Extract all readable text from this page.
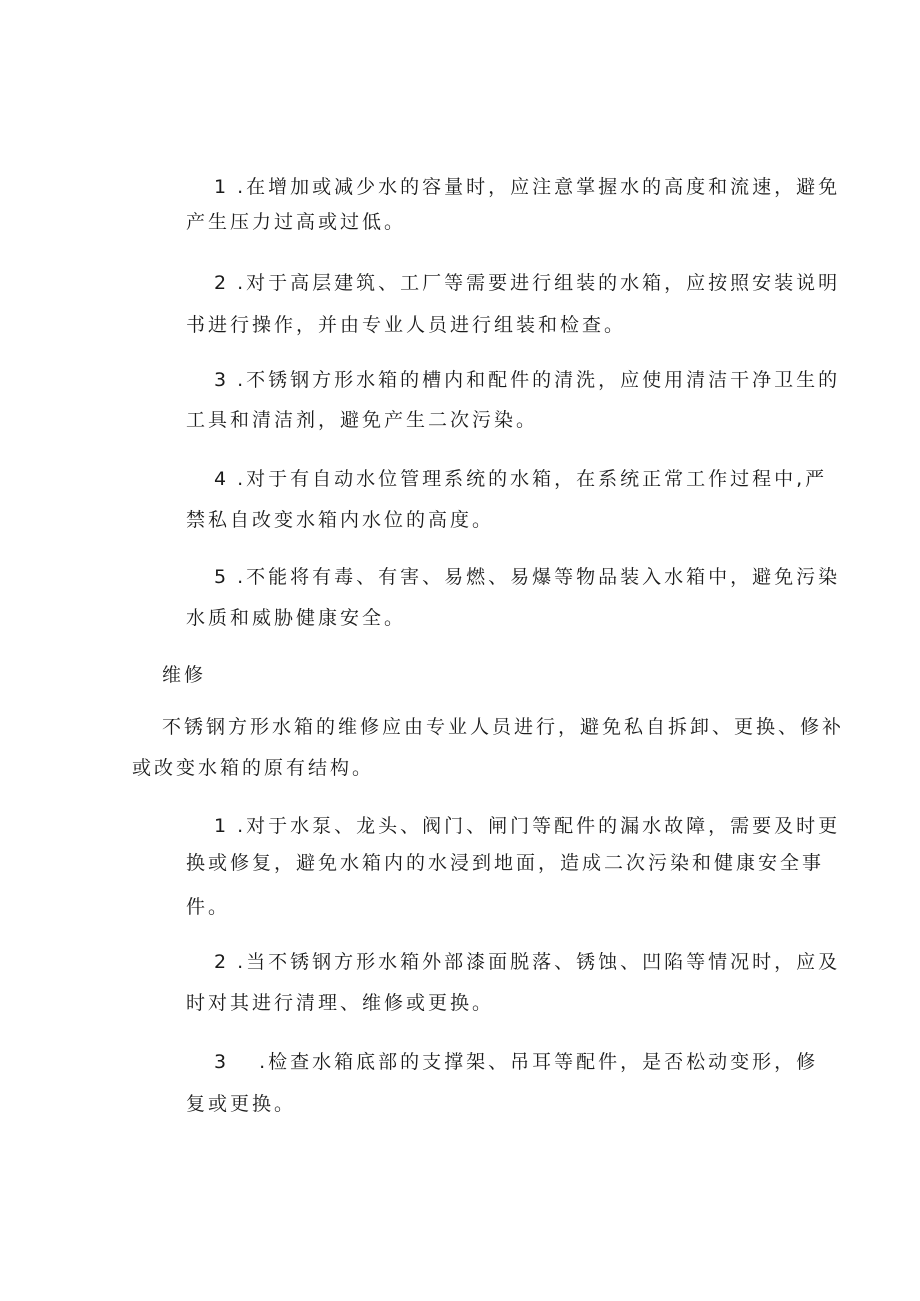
1 .在增加或减少水的容量时，应注意掌握水的高度和流速，避免
产生压力过高或过低。
2 .对于高层建筑、工厂等需要进行组装的水箱，应按照安装说明
书进行操作，并由专业人员进行组装和检查。
3 .不锈钢方形水箱的槽内和配件的清洗，应使用清洁干净卫生的
工具和清洁剂，避免产生二次污染。
4 .对于有自动水位管理系统的水箱，在系统正常工作过程中,严
禁私自改变水箱内水位的高度。
5 .不能将有毒、有害、易燃、易爆等物品装入水箱中，避免污染
水质和威胁健康安全。
维修
不锈钢方形水箱的维修应由专业人员进行，避免私自拆卸、更换、修补
或改变水箱的原有结构。
1 .对于水泵、龙头、阀门、闸门等配件的漏水故障，需要及时更
换或修复，避免水箱内的水浸到地面，造成二次污染和健康安全事
件。
2 .当不锈钢方形水箱外部漆面脱落、锈蚀、凹陷等情况时，应及
时对其进行清理、维修或更换。
3 .检查水箱底部的支撑架、吊耳等配件，是否松动变形，修
复或更换。
